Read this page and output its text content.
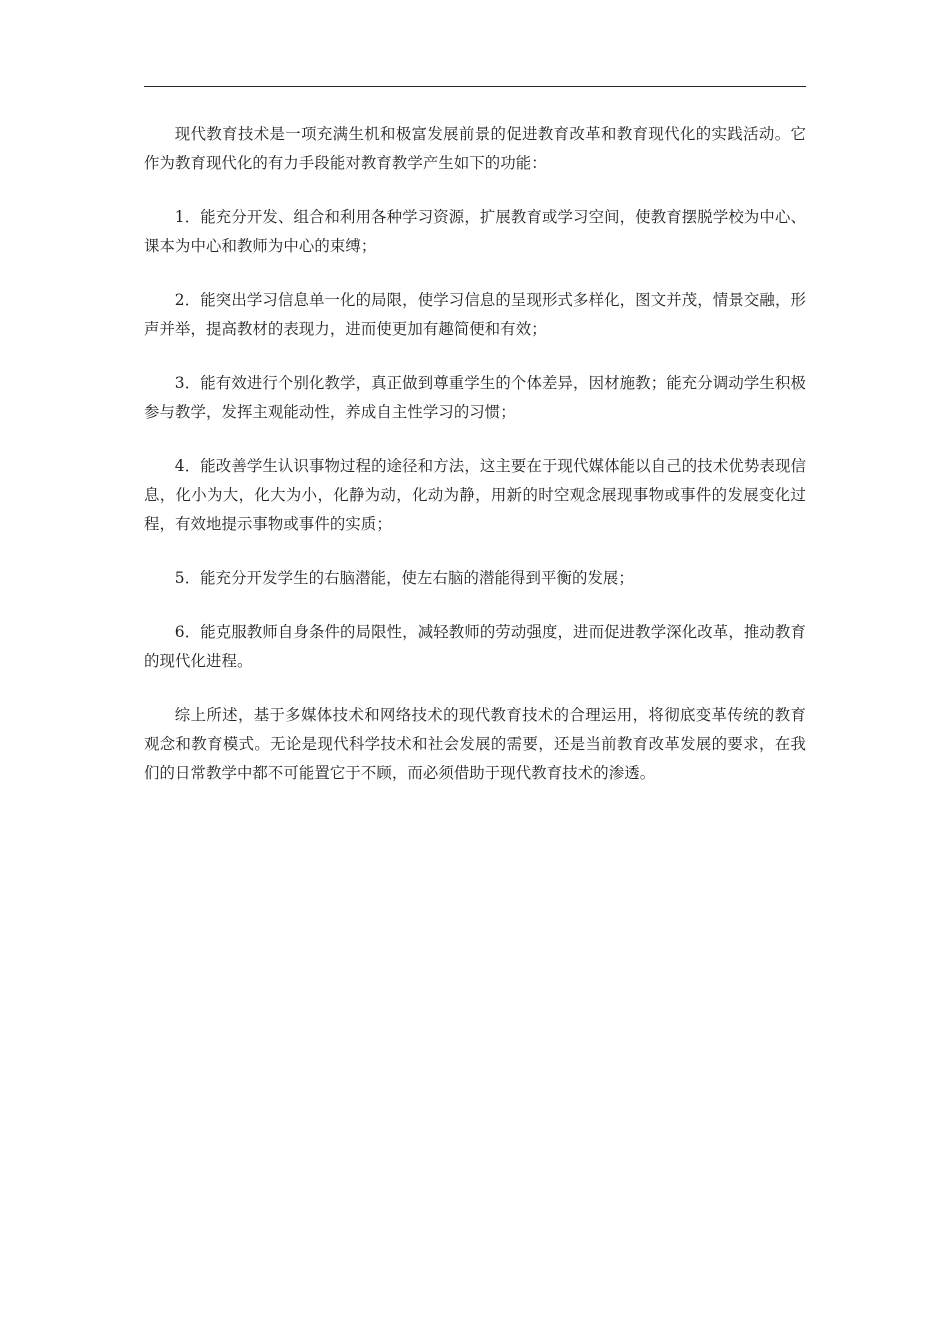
现代教育技术是一项充满生机和极富发展前景的促进教育改革和教育现代化的实践活动。它作为教育现代化的有力手段能对教育教学产生如下的功能：

1．能充分开发、组合和利用各种学习资源，扩展教育或学习空间，使教育摆脱学校为中心、课本为中心和教师为中心的束缚；

2．能突出学习信息单一化的局限，使学习信息的呈现形式多样化，图文并茂，情景交融，形声并举，提高教材的表现力，进而使更加有趣简便和有效；

3．能有效进行个别化教学，真正做到尊重学生的个体差异，因材施教；能充分调动学生积极参与教学，发挥主观能动性，养成自主性学习的习惯；

4．能改善学生认识事物过程的途径和方法，这主要在于现代媒体能以自己的技术优势表现信息，化小为大，化大为小，化静为动，化动为静，用新的时空观念展现事物或事件的发展变化过程，有效地提示事物或事件的实质；

5．能充分开发学生的右脑潜能，使左右脑的潜能得到平衡的发展；

6．能克服教师自身条件的局限性，减轻教师的劳动强度，进而促进教学深化改革，推动教育的现代化进程。

综上所述，基于多媒体技术和网络技术的现代教育技术的合理运用，将彻底变革传统的教育观念和教育模式。无论是现代科学技术和社会发展的需要，还是当前教育改革发展的要求，在我们的日常教学中都不可能置它于不顾，而必须借助于现代教育技术的渗透。
